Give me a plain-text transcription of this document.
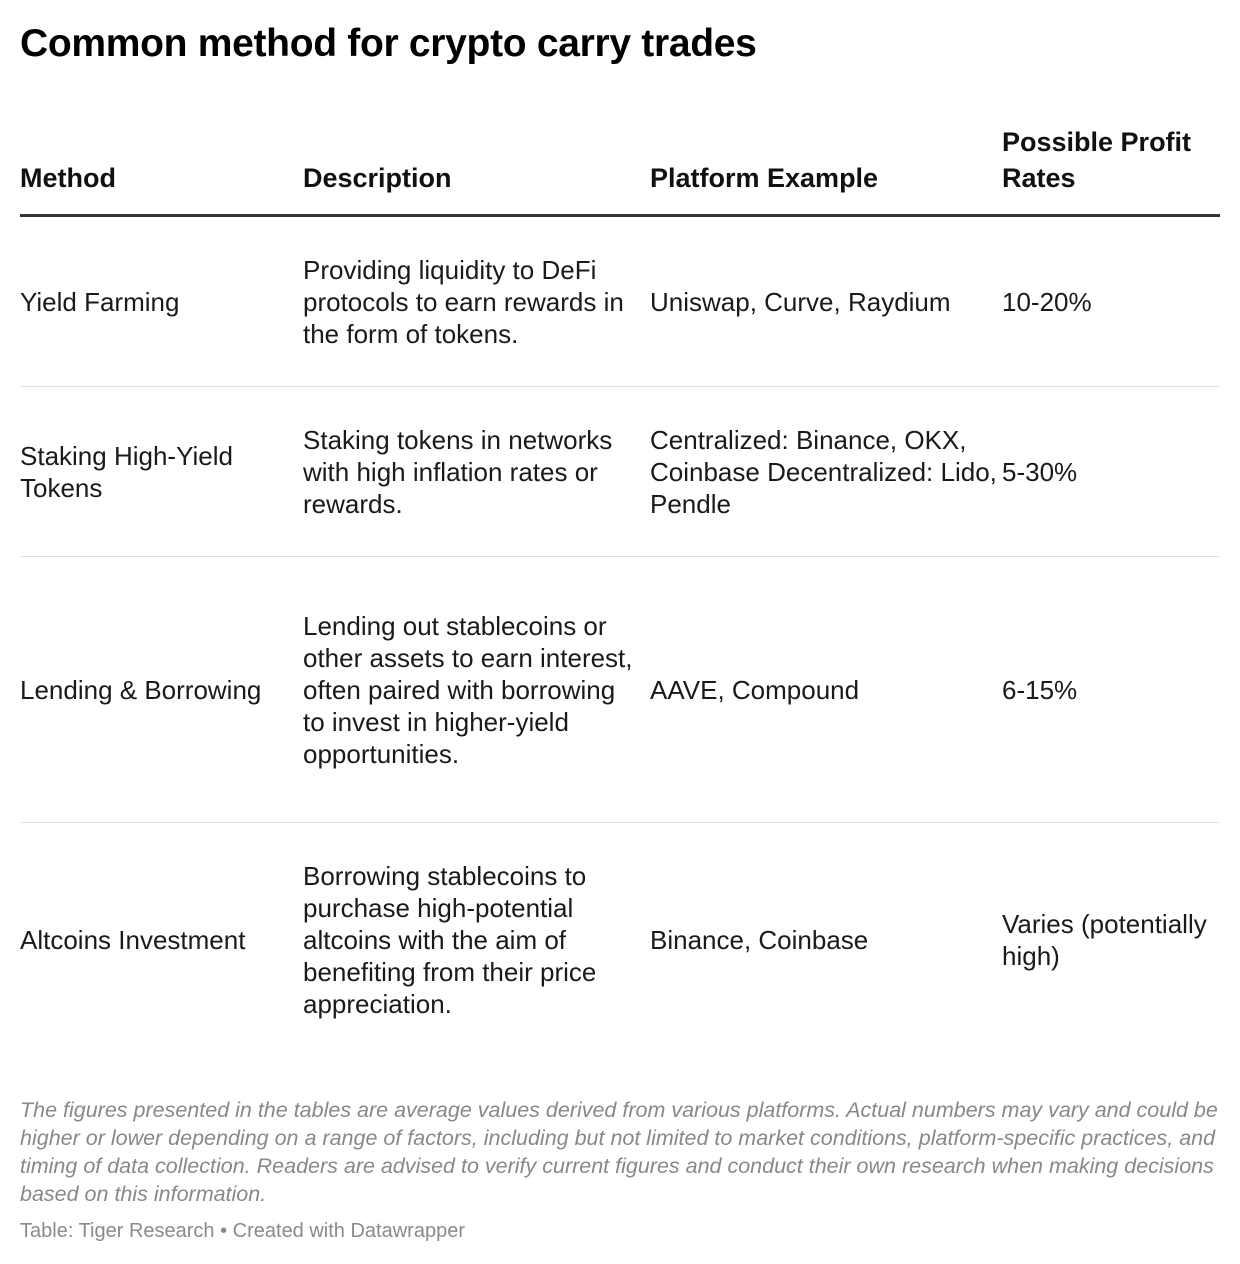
Common method for crypto carry trades
Method	Description	Platform Example	Possible Profit Rates
Yield Farming	Providing liquidity to DeFi protocols to earn rewards in the form of tokens.	Uniswap, Curve, Raydium	10-20%
Staking High-Yield Tokens	Staking tokens in networks with high inflation rates or rewards.	Centralized: Binance, OKX, Coinbase Decentralized: Lido, Pendle	5-30%
Lending & Borrowing	Lending out stablecoins or other assets to earn interest, often paired with borrowing to invest in higher-yield opportunities.	AAVE, Compound	6-15%
Altcoins Investment	Borrowing stablecoins to purchase high-potential altcoins with the aim of benefiting from their price appreciation.	Binance, Coinbase	Varies (potentially high)

The figures presented in the tables are average values derived from various platforms. Actual numbers may vary and could be higher or lower depending on a range of factors, including but not limited to market conditions, platform-specific practices, and timing of data collection. Readers are advised to verify current figures and conduct their own research when making decisions based on this information.

Table: Tiger Research • Created with Datawrapper
